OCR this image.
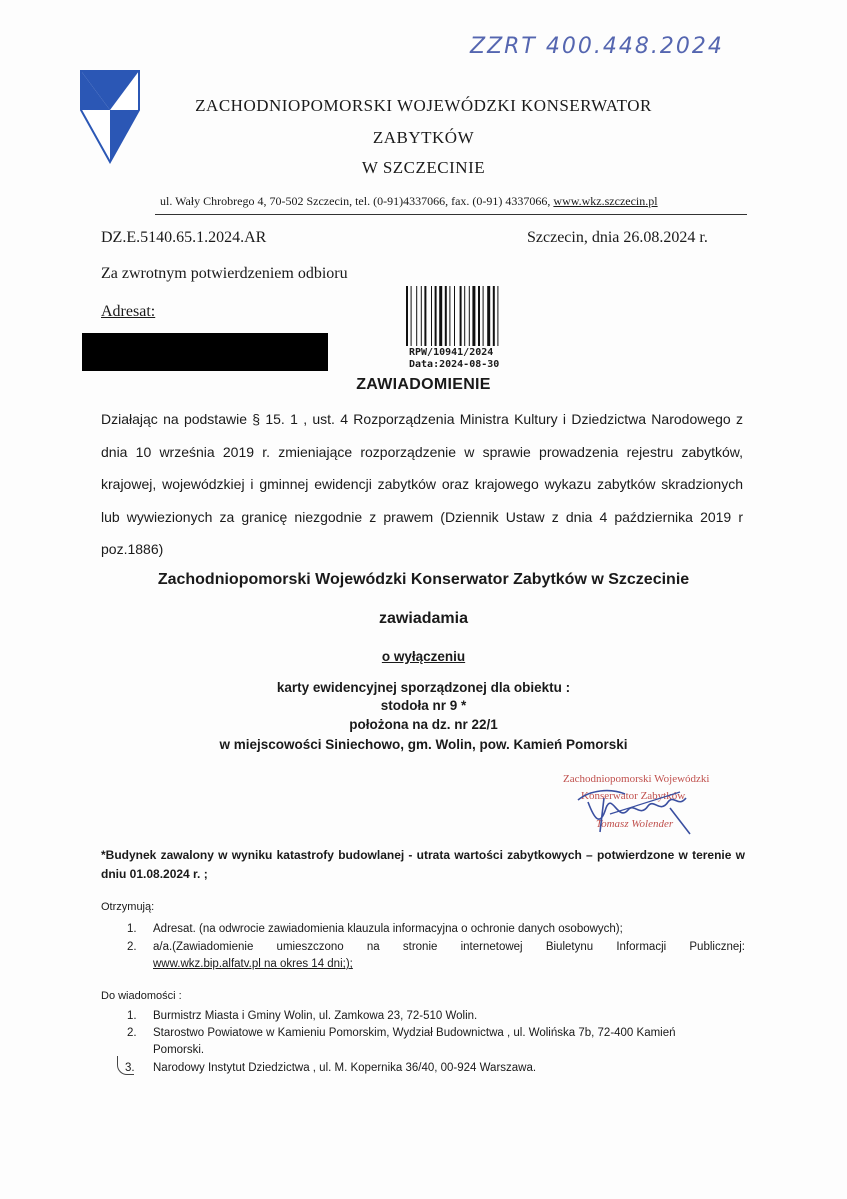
ZZRT 400.448.2024
ZACHODNIOPOMORSKI WOJEWÓDZKI KONSERWATOR
ZABYTKÓW
W SZCZECINIE
ul. Wały Chrobrego 4, 70-502 Szczecin, tel. (0-91)4337066, fax. (0-91) 4337066, www.wkz.szczecin.pl
DZ.E.5140.65.1.2024.AR	Szczecin, dnia 26.08.2024 r.
Za zwrotnym potwierdzeniem odbioru
Adresat:
RPW/10941/2024
Data:2024-08-30
ZAWIADOMIENIE
Działając na podstawie § 15. 1 , ust. 4 Rozporządzenia Ministra Kultury i Dziedzictwa Narodowego z dnia 10 września 2019 r. zmieniające rozporządzenie w sprawie prowadzenia rejestru zabytków, krajowej, wojewódzkiej i gminnej ewidencji zabytków oraz krajowego wykazu zabytków skradzionych lub wywiezionych za granicę niezgodnie z prawem (Dziennik Ustaw z dnia 4 października 2019 r poz.1886)
Zachodniopomorski Wojewódzki Konserwator Zabytków w Szczecinie
zawiadamia
o wyłączeniu
karty ewidencyjnej sporządzonej dla obiektu :
stodoła nr 9 *
położona na dz. nr 22/1
w miejscowości Siniechowo, gm. Wolin, pow. Kamień Pomorski
Zachodniopomorski Wojewódzki
Konserwator Zabytków
Tomasz Wolender
*Budynek zawalony w wyniku katastrofy budowlanej - utrata wartości zabytkowych – potwierdzone w terenie w dniu 01.08.2024 r. ;
Otrzymują:
1. Adresat. (na odwrocie zawiadomienia klauzula informacyjna o ochronie danych osobowych);
2. a/a.(Zawiadomienie umieszczono na stronie internetowej Biuletynu Informacji Publicznej:
www.wkz.bip.alfatv.pl na okres 14 dni;);
Do wiadomości :
1. Burmistrz Miasta i Gminy Wolin, ul. Zamkowa 23, 72-510 Wolin.
2. Starostwo Powiatowe w Kamieniu Pomorskim, Wydział Budownictwa , ul. Wolińska 7b, 72-400 Kamień
Pomorski.
3. Narodowy Instytut Dziedzictwa , ul. M. Kopernika 36/40, 00-924 Warszawa.
